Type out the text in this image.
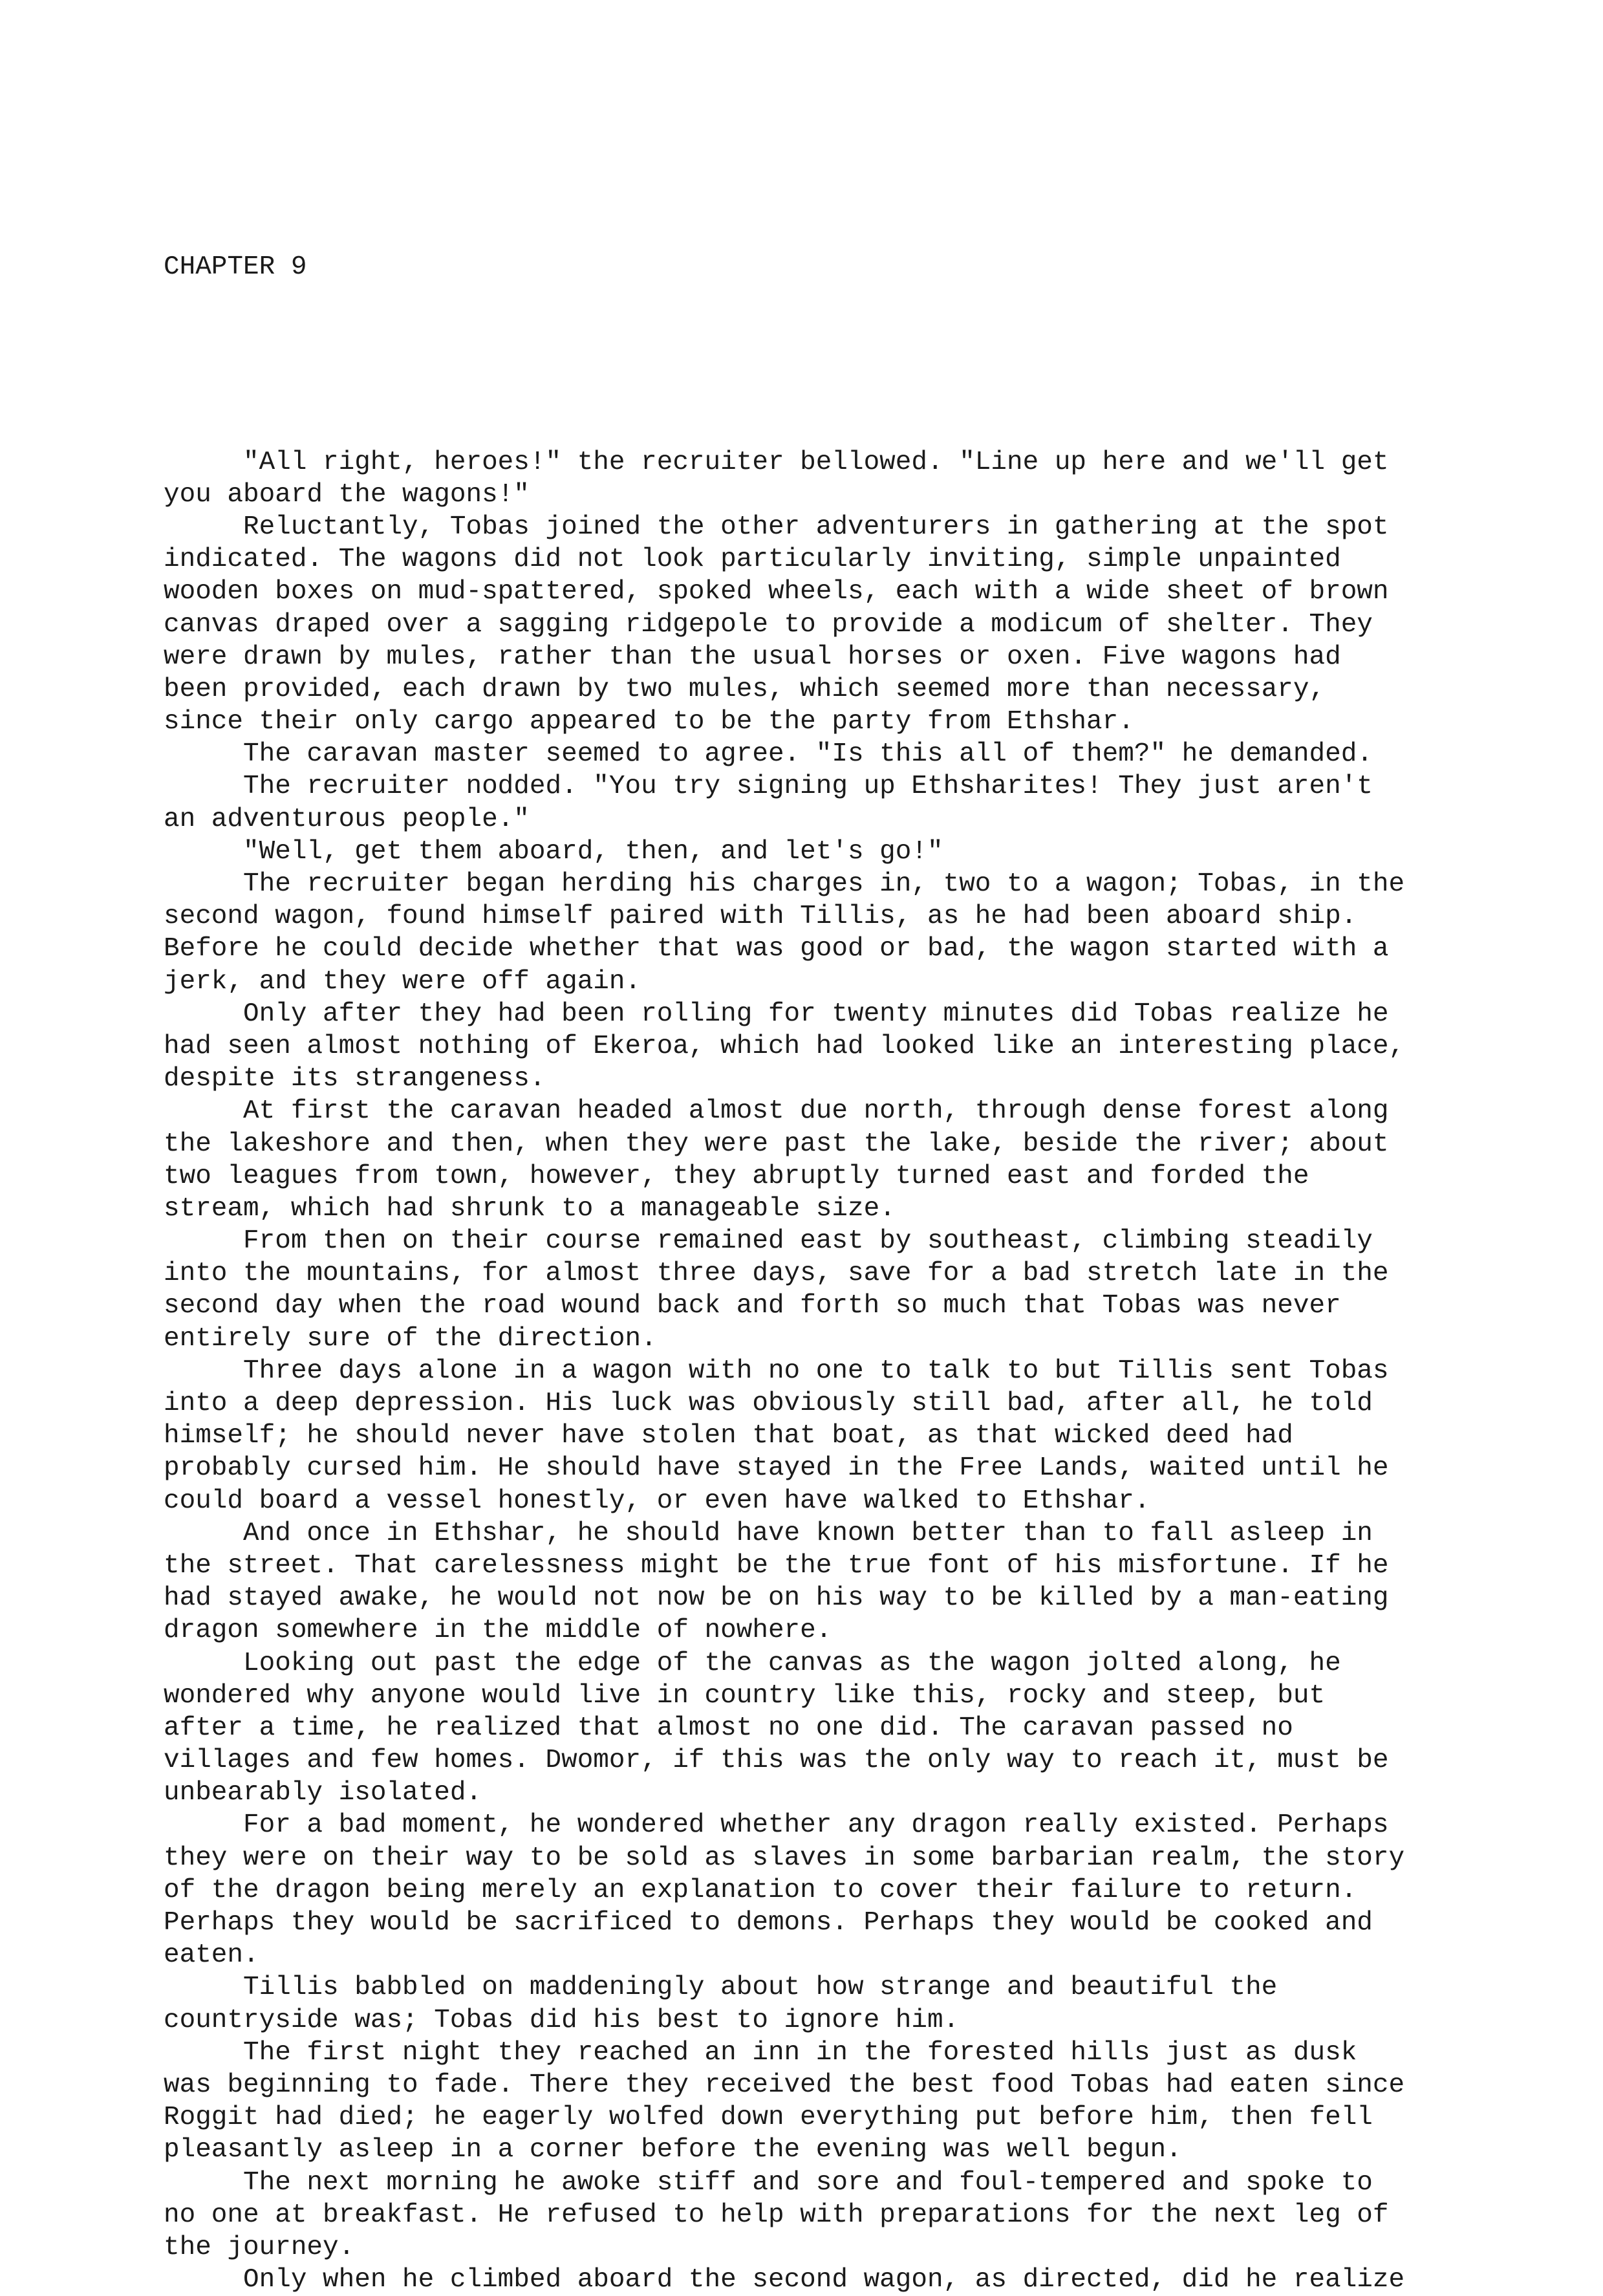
CHAPTER 9

"All right, heroes!" the recruiter bellowed. "Line up here and we'll get
you aboard the wagons!"
Reluctantly, Tobas joined the other adventurers in gathering at the spot
indicated. The wagons did not look particularly inviting, simple unpainted
wooden boxes on mud-spattered, spoked wheels, each with a wide sheet of brown
canvas draped over a sagging ridgepole to provide a modicum of shelter. They
were drawn by mules, rather than the usual horses or oxen. Five wagons had
been provided, each drawn by two mules, which seemed more than necessary,
since their only cargo appeared to be the party from Ethshar.
The caravan master seemed to agree. "Is this all of them?" he demanded.
The recruiter nodded. "You try signing up Ethsharites! They just aren't
an adventurous people."
"Well, get them aboard, then, and let's go!"
The recruiter began herding his charges in, two to a wagon; Tobas, in the
second wagon, found himself paired with Tillis, as he had been aboard ship.
Before he could decide whether that was good or bad, the wagon started with a
jerk, and they were off again.
Only after they had been rolling for twenty minutes did Tobas realize he
had seen almost nothing of Ekeroa, which had looked like an interesting place,
despite its strangeness.
At first the caravan headed almost due north, through dense forest along
the lakeshore and then, when they were past the lake, beside the river; about
two leagues from town, however, they abruptly turned east and forded the
stream, which had shrunk to a manageable size.
From then on their course remained east by southeast, climbing steadily
into the mountains, for almost three days, save for a bad stretch late in the
second day when the road wound back and forth so much that Tobas was never
entirely sure of the direction.
Three days alone in a wagon with no one to talk to but Tillis sent Tobas
into a deep depression. His luck was obviously still bad, after all, he told
himself; he should never have stolen that boat, as that wicked deed had
probably cursed him. He should have stayed in the Free Lands, waited until he
could board a vessel honestly, or even have walked to Ethshar.
And once in Ethshar, he should have known better than to fall asleep in
the street. That carelessness might be the true font of his misfortune. If he
had stayed awake, he would not now be on his way to be killed by a man-eating
dragon somewhere in the middle of nowhere.
Looking out past the edge of the canvas as the wagon jolted along, he
wondered why anyone would live in country like this, rocky and steep, but
after a time, he realized that almost no one did. The caravan passed no
villages and few homes. Dwomor, if this was the only way to reach it, must be
unbearably isolated.
For a bad moment, he wondered whether any dragon really existed. Perhaps
they were on their way to be sold as slaves in some barbarian realm, the story
of the dragon being merely an explanation to cover their failure to return.
Perhaps they would be sacrificed to demons. Perhaps they would be cooked and
eaten.
Tillis babbled on maddeningly about how strange and beautiful the
countryside was; Tobas did his best to ignore him.
The first night they reached an inn in the forested hills just as dusk
was beginning to fade. There they received the best food Tobas had eaten since
Roggit had died; he eagerly wolfed down everything put before him, then fell
pleasantly asleep in a corner before the evening was well begun.
The next morning he awoke stiff and sore and foul-tempered and spoke to
no one at breakfast. He refused to help with preparations for the next leg of
the journey.
Only when he climbed aboard the second wagon, as directed, did he realize
